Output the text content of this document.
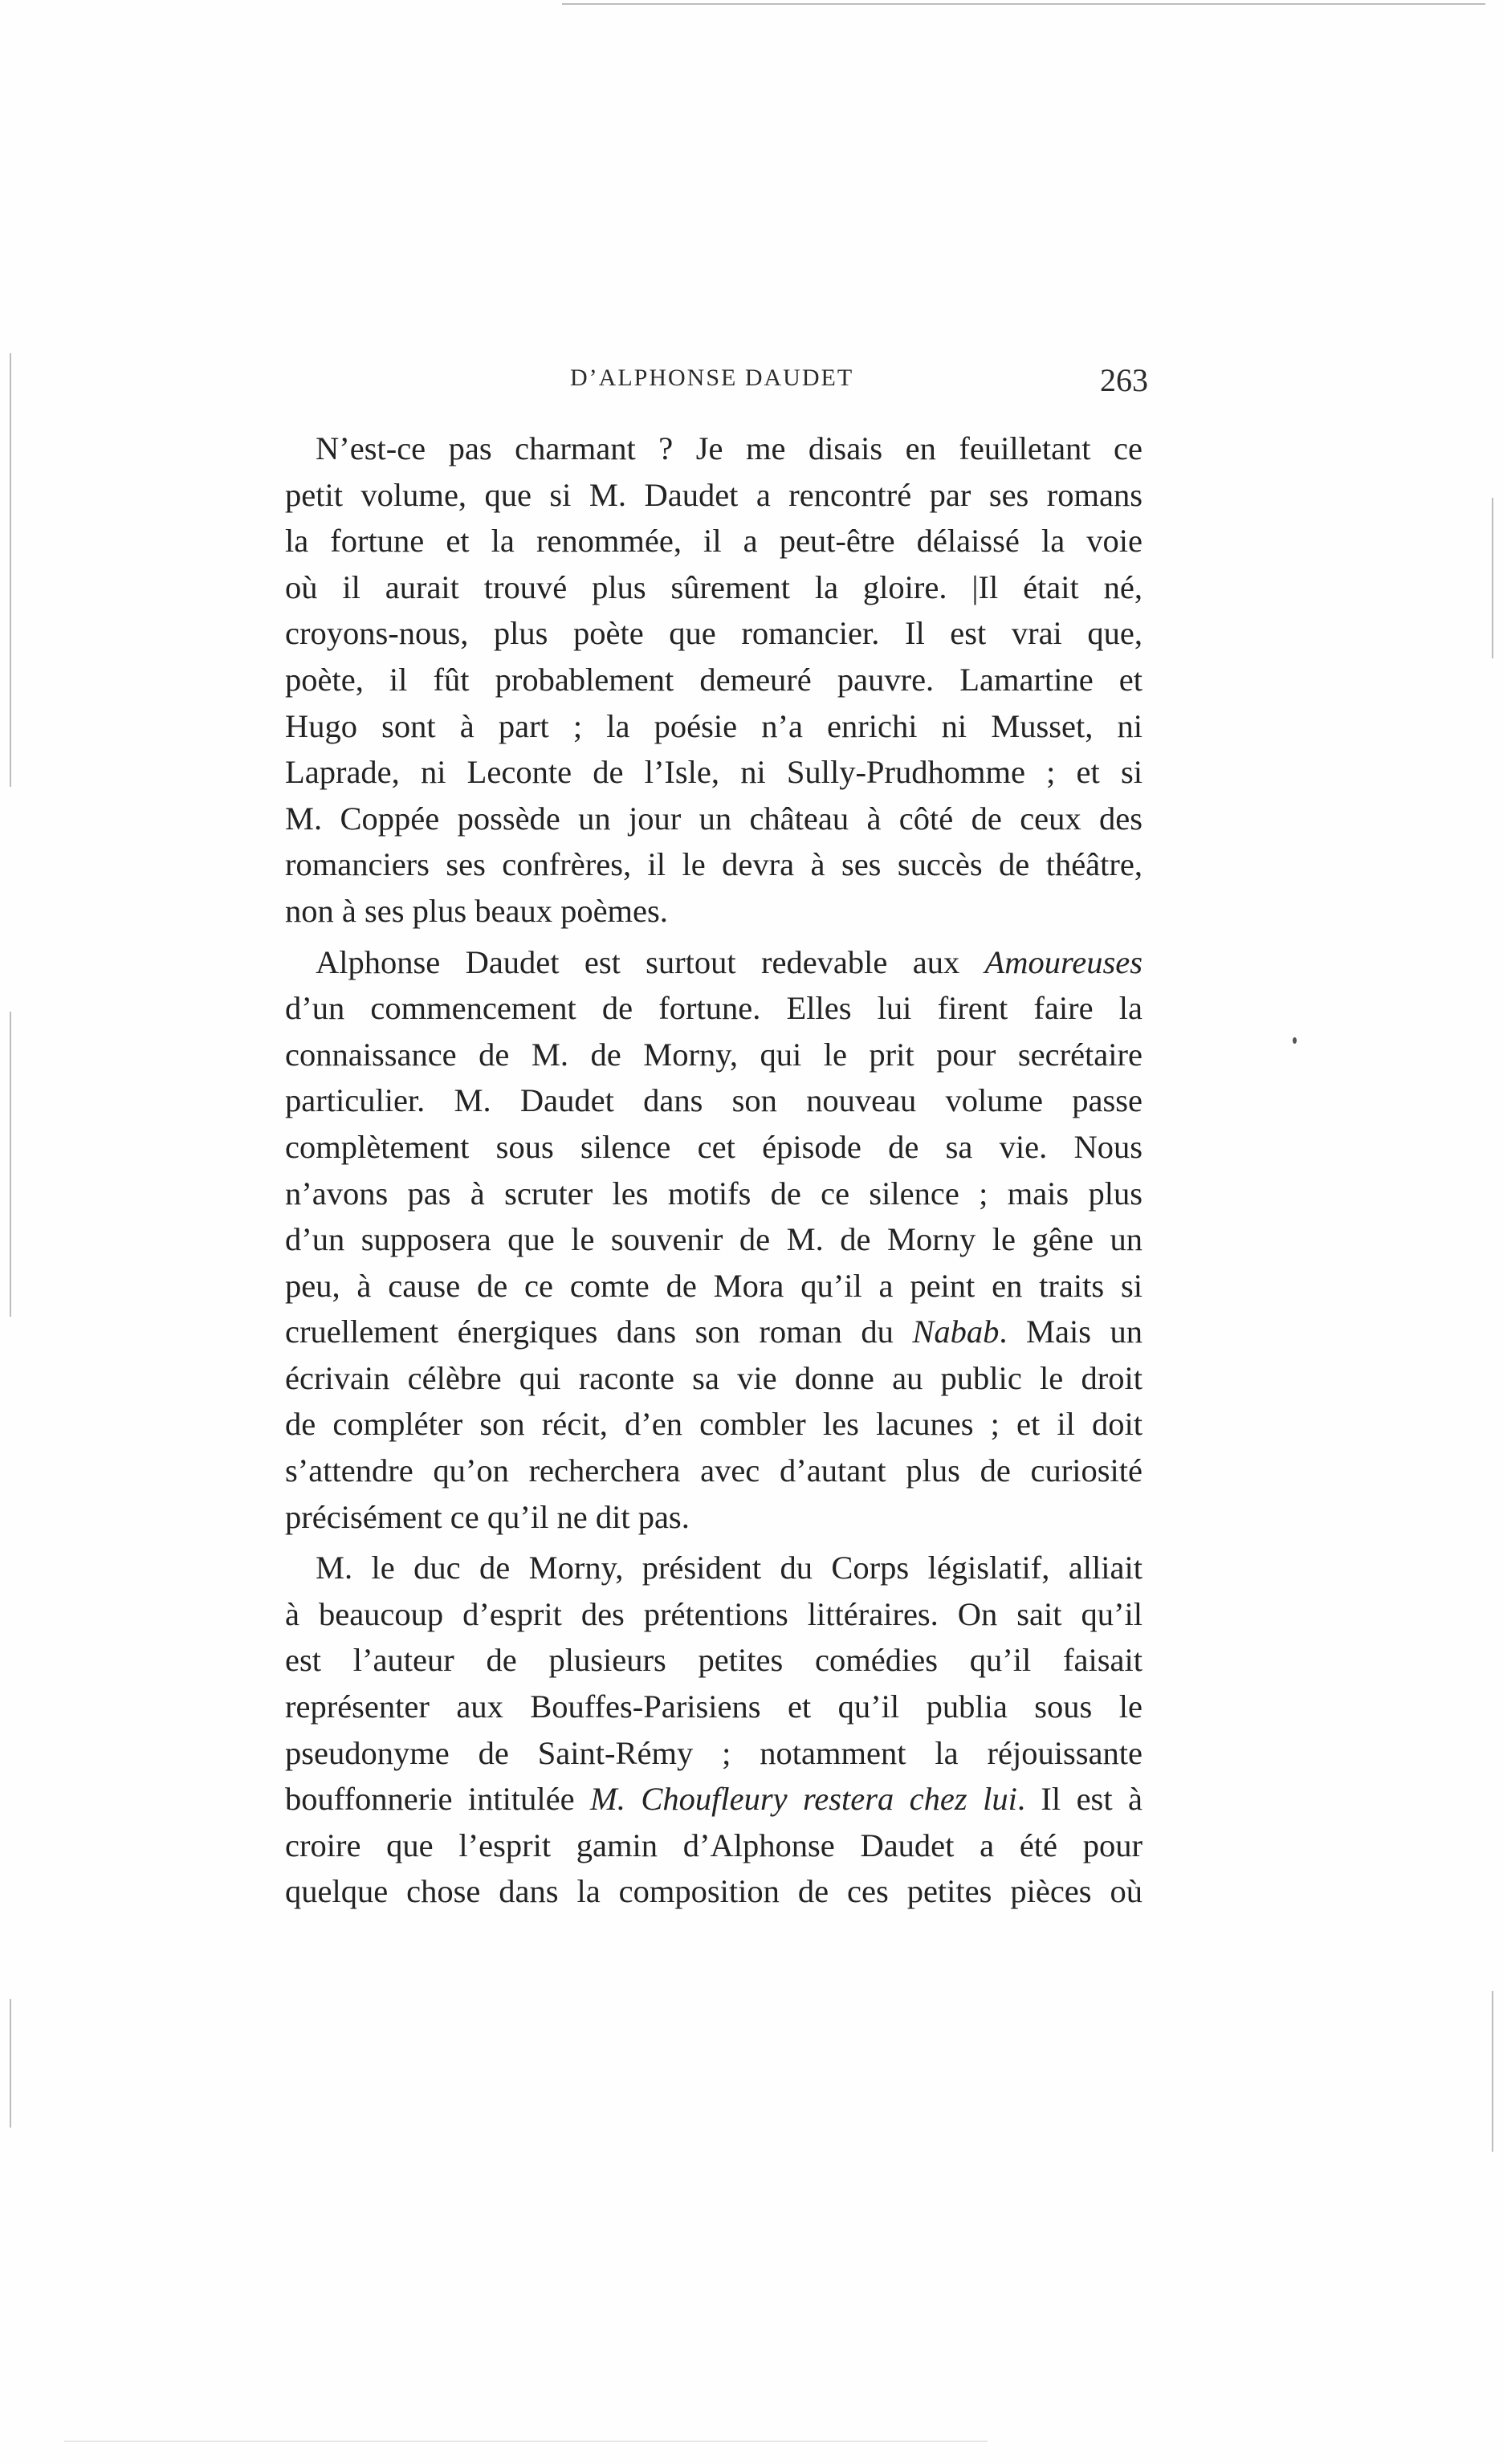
D’ALPHONSE DAUDET	263
N’est-ce pas charmant ? Je me disais en feuilletant ce
petit volume, que si M. Daudet a rencontré par ses romans
la fortune et la renommée, il a peut-être délaissé la voie
où il aurait trouvé plus sûrement la gloire. |Il était né,
croyons-nous, plus poète que romancier. Il est vrai que,
poète, il fût probablement demeuré pauvre. Lamartine et
Hugo sont à part ; la poésie n’a enrichi ni Musset, ni
Laprade, ni Leconte de l’Isle, ni Sully-Prudhomme ; et si
M. Coppée possède un jour un château à côté de ceux des
romanciers ses confrères, il le devra à ses succès de théâtre,
non à ses plus beaux poèmes.
Alphonse Daudet est surtout redevable aux Amoureuses
d’un commencement de fortune. Elles lui firent faire la
connaissance de M. de Morny, qui le prit pour secrétaire
particulier. M. Daudet dans son nouveau volume passe
complètement sous silence cet épisode de sa vie. Nous
n’avons pas à scruter les motifs de ce silence ; mais plus
d’un supposera que le souvenir de M. de Morny le gêne un
peu, à cause de ce comte de Mora qu’il a peint en traits si
cruellement énergiques dans son roman du Nabab. Mais un
écrivain célèbre qui raconte sa vie donne au public le droit
de compléter son récit, d’en combler les lacunes ; et il doit
s’attendre qu’on recherchera avec d’autant plus de curiosité
précisément ce qu’il ne dit pas.
M. le duc de Morny, président du Corps législatif, alliait
à beaucoup d’esprit des prétentions littéraires. On sait qu’il
est l’auteur de plusieurs petites comédies qu’il faisait
représenter aux Bouffes-Parisiens et qu’il publia sous le
pseudonyme de Saint-Rémy ; notamment la réjouissante
bouffonnerie intitulée M. Choufleury restera chez lui. Il est à
croire que l’esprit gamin d’Alphonse Daudet a été pour
quelque chose dans la composition de ces petites pièces où
